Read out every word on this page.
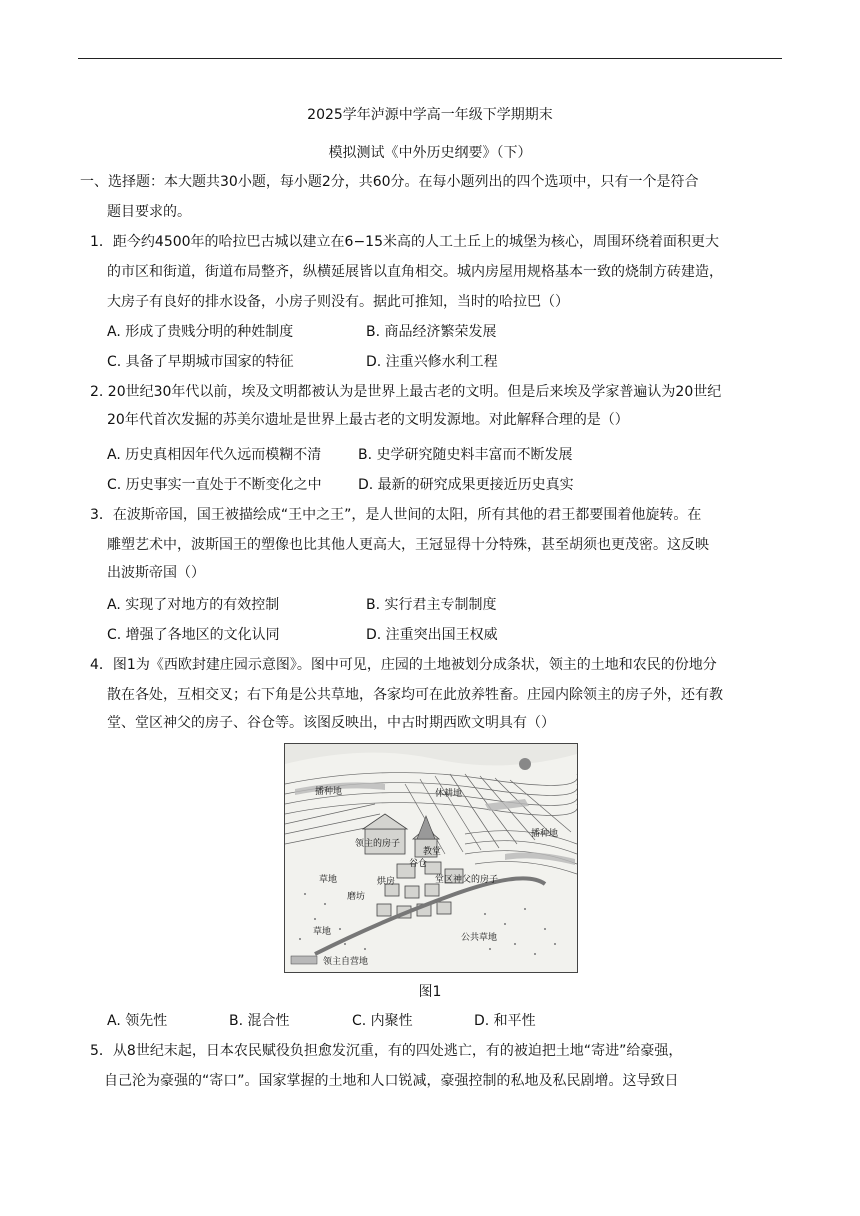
2025学年泸源中学高一年级下学期期末
模拟测试《中外历史纲要》（下）
一、选择题：本大题共30小题，每小题2分，共60分。在每小题列出的四个选项中，只有一个是符合
题目要求的。
1．距今约4500年的哈拉巴古城以建立在6−15米高的人工土丘上的城堡为核心，周围环绕着面积更大
的市区和街道，街道布局整齐，纵横延展皆以直角相交。城内房屋用规格基本一致的烧制方砖建造，
大房子有良好的排水设备，小房子则没有。据此可推知，当时的哈拉巴（）
A. 形成了贵贱分明的种姓制度	B. 商品经济繁荣发展
C. 具备了早期城市国家的特征	D. 注重兴修水利工程
2. 20世纪30年代以前，埃及文明都被认为是世界上最古老的文明。但是后来埃及学家普遍认为20世纪
20年代首次发掘的苏美尔遗址是世界上最古老的文明发源地。对此解释合理的是（）
A. 历史真相因年代久远而模糊不清	B. 史学研究随史料丰富而不断发展
C. 历史事实一直处于不断变化之中	D. 最新的研究成果更接近历史真实
3．在波斯帝国，国王被描绘成“王中之王”，是人世间的太阳，所有其他的君王都要围着他旋转。在
雕塑艺术中，波斯国王的塑像也比其他人更高大，王冠显得十分特殊，甚至胡须也更茂密。这反映
出波斯帝国（）
A. 实现了对地方的有效控制	B. 实行君主专制制度
C. 增强了各地区的文化认同	D. 注重突出国王权威
4．图1为《西欧封建庄园示意图》。图中可见，庄园的土地被划分成条状，领主的土地和农民的份地分
散在各处，互相交叉；右下角是公共草地，各家均可在此放养牲畜。庄园内除领主的房子外，还有教
堂、堂区神父的房子、谷仓等。该图反映出，中古时期西欧文明具有（）
播种地	休耕地
播种地
领主的房子
教堂
草地	烘房
谷仓
堂区神父的房子
磨坊
草地
公共草地
领主自营地
图1
A. 领先性	B. 混合性	C. 内聚性	D. 和平性
5．从8世纪末起，日本农民赋役负担愈发沉重，有的四处逃亡，有的被迫把土地“寄进”给豪强，
自己沦为豪强的“寄口”。国家掌握的土地和人口锐减，豪强控制的私地及私民剧增。这导致日
